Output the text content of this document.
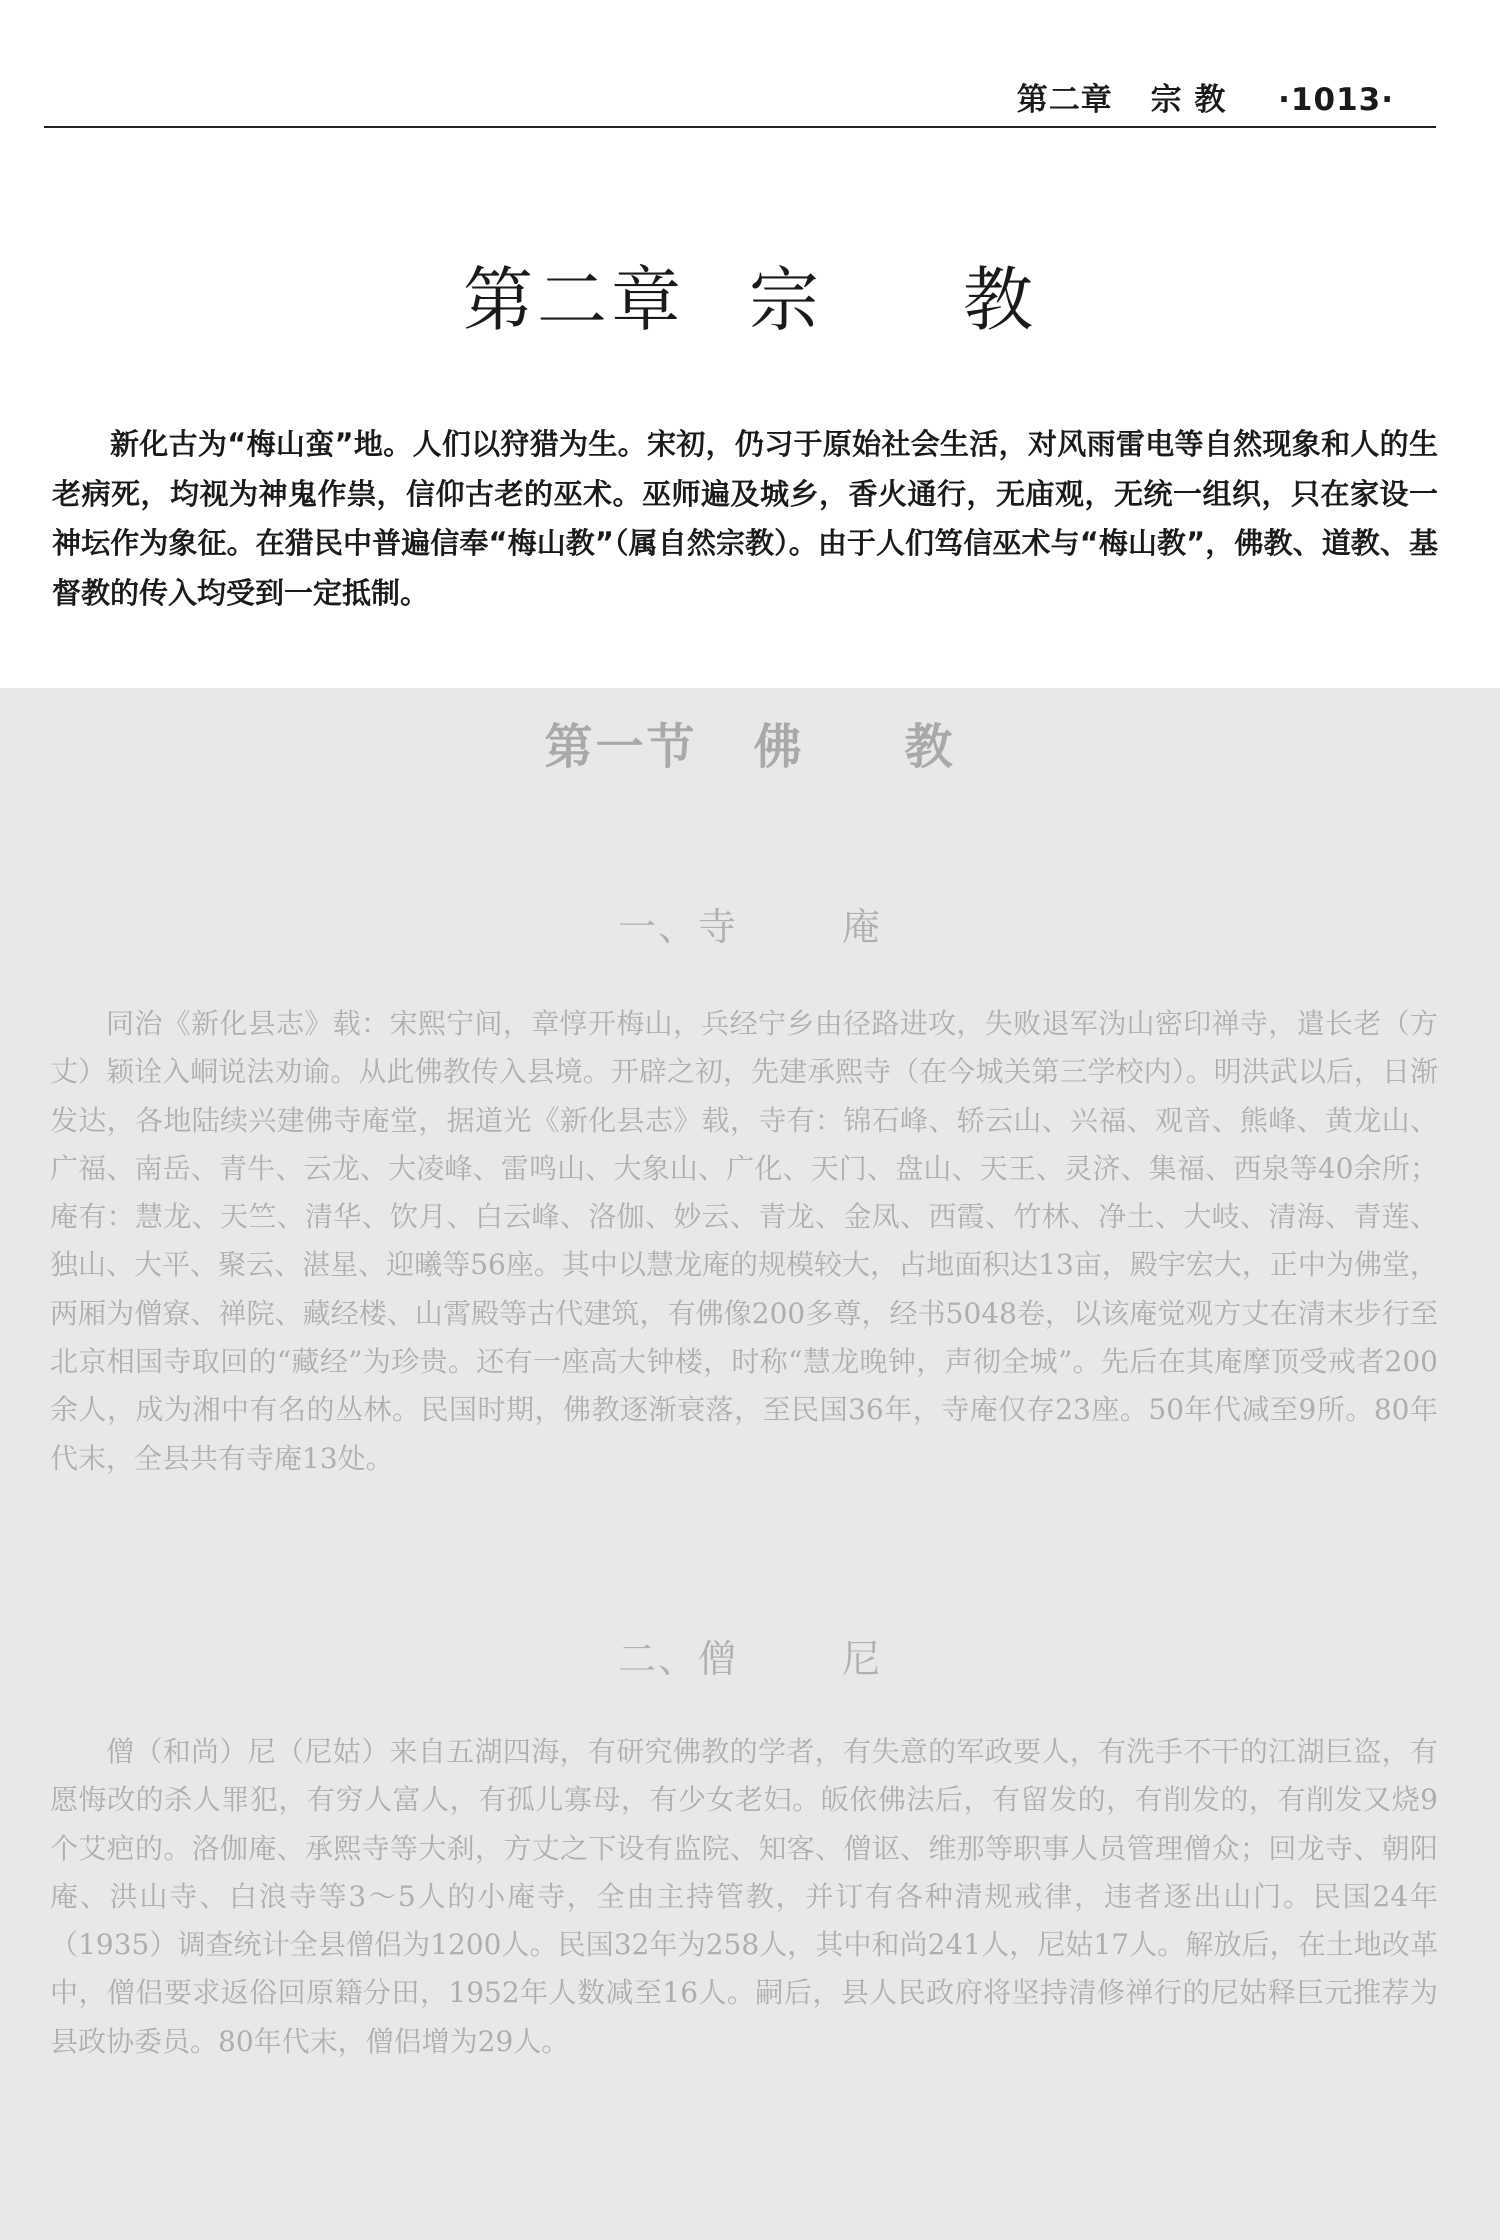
第二章 宗 教 ·1013·
第二章 宗 教
新化古为“梅山蛮”地。人们以狩猎为生。宋初，仍习于原始社会生活，对风雨雷电等自然现象和人的生老病死，均视为神鬼作祟，信仰古老的巫术。巫师遍及城乡，香火通行，无庙观，无统一组织，只在家设一神坛作为象征。在猎民中普遍信奉“梅山教”（属自然宗教）。由于人们笃信巫术与“梅山教”，佛教、道教、基督教的传入均受到一定抵制。
第一节 佛 教
一、寺	庵
同治《新化县志》载：宋熙宁间，章惇开梅山，兵经宁乡由径路进攻，失败退军沩山密印禅寺，遣长老（方丈）颖诠入峒说法劝谕。从此佛教传入县境。开辟之初，先建承熙寺（在今城关第三学校内）。明洪武以后，日渐发达，各地陆续兴建佛寺庵堂，据道光《新化县志》载，寺有：锦石峰、轿云山、兴福、观音、熊峰、黄龙山、广福、南岳、青牛、云龙、大凌峰、雷鸣山、大象山、广化、天门、盘山、天王、灵济、集福、西泉等40余所；庵有：慧龙、天竺、清华、饮月、白云峰、洛伽、妙云、青龙、金凤、西霞、竹林、净土、大岐、清海、青莲、独山、大平、聚云、湛星、迎曦等56座。其中以慧龙庵的规模较大，占地面积达13亩，殿宇宏大，正中为佛堂，两厢为僧寮、禅院、藏经楼、山霄殿等古代建筑，有佛像200多尊，经书5048卷，以该庵觉观方丈在清末步行至北京相国寺取回的“藏经”为珍贵。还有一座高大钟楼，时称“慧龙晚钟，声彻全城”。先后在其庵摩顶受戒者200余人，成为湘中有名的丛林。民国时期，佛教逐渐衰落，至民国36年，寺庵仅存23座。50年代减至9所。80年代末，全县共有寺庵13处。
二、僧	尼
僧（和尚）尼（尼姑）来自五湖四海，有研究佛教的学者，有失意的军政要人，有洗手不干的江湖巨盗，有愿悔改的杀人罪犯，有穷人富人，有孤儿寡母，有少女老妇。皈依佛法后，有留发的，有削发的，有削发又烧9个艾疤的。洛伽庵、承熙寺等大刹，方丈之下设有监院、知客、僧讴、维那等职事人员管理僧众；回龙寺、朝阳庵、洪山寺、白浪寺等3～5人的小庵寺，全由主持管教，并订有各种清规戒律，违者逐出山门。民国24年（1935）调查统计全县僧侣为1200人。民国32年为258人，其中和尚241人，尼姑17人。解放后，在土地改革中，僧侣要求返俗回原籍分田，1952年人数减至16人。嗣后，县人民政府将坚持清修禅行的尼姑释巨元推荐为县政协委员。80年代末，僧侣增为29人。
